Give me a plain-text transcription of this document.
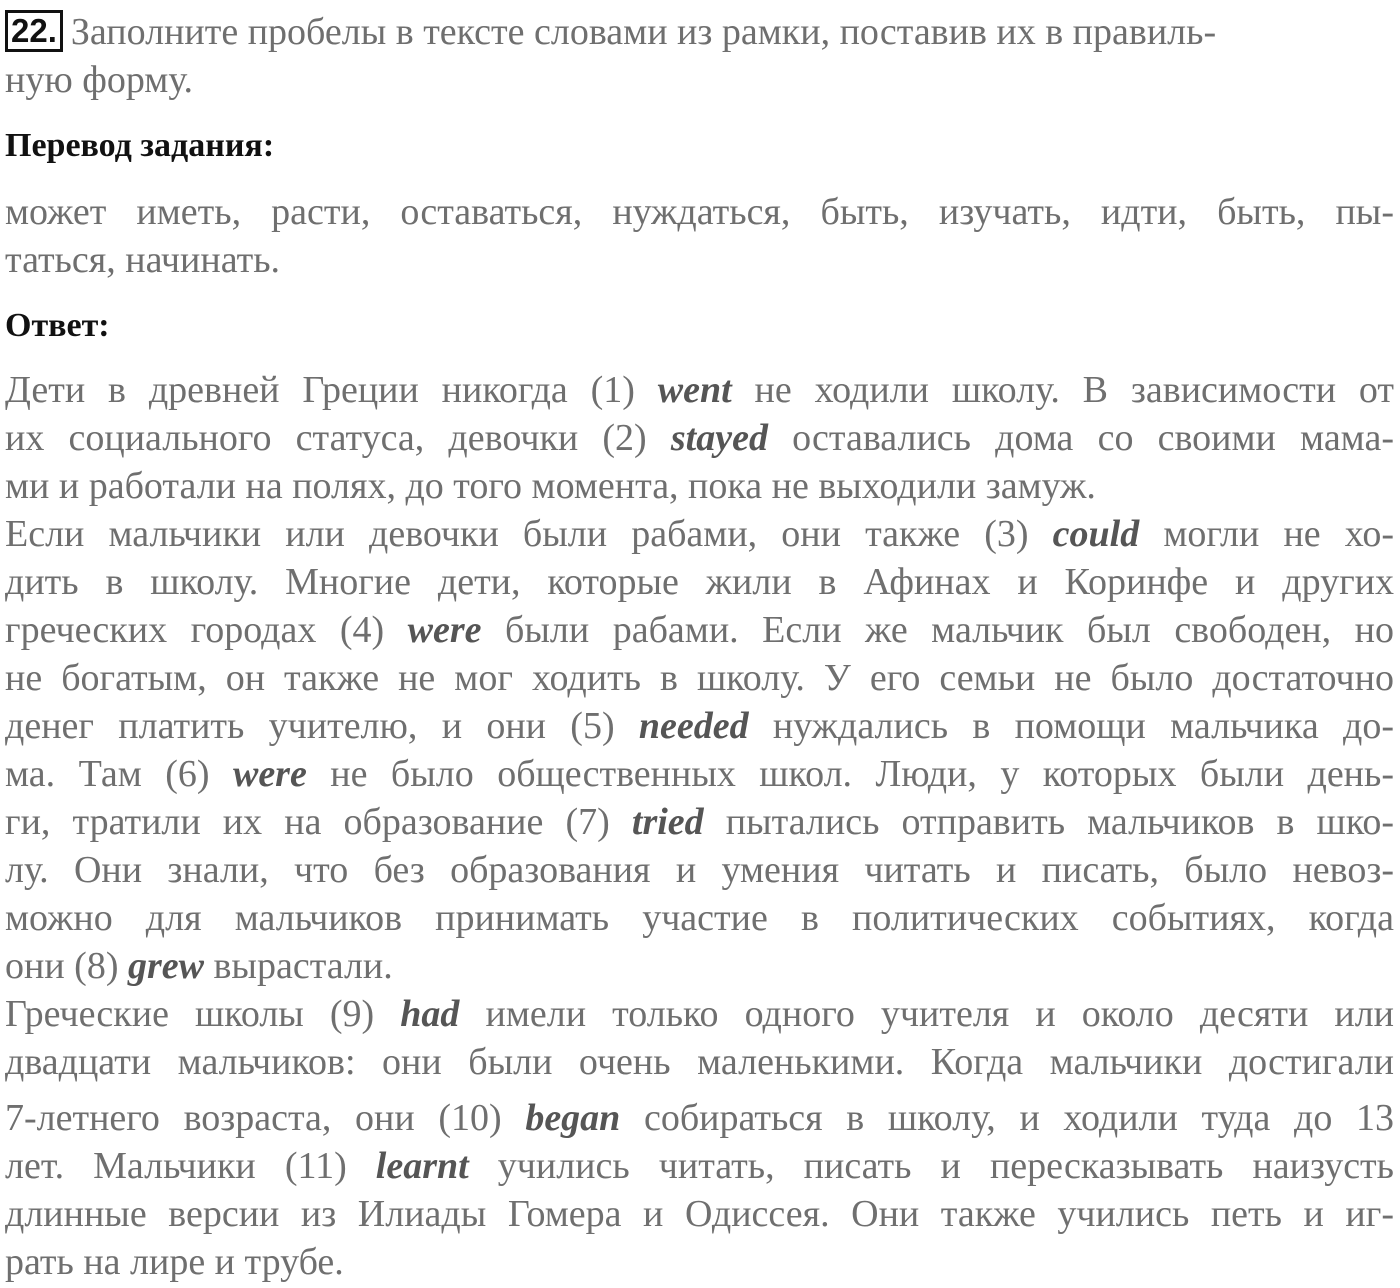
22. Заполните пробелы в тексте словами из рамки, поставив их в правиль-
ную форму.
Перевод задания:
может иметь, расти, оставаться, нуждаться, быть, изучать, идти, быть, пы-
таться, начинать.
Ответ:
Дети в древней Греции никогда (1) went не ходили школу. В зависимости от
их социального статуса, девочки (2) stayed оставались дома со своими мама-
ми и работали на полях, до того момента, пока не выходили замуж.
Если мальчики или девочки были рабами, они также (3) could могли не хо-
дить в школу. Многие дети, которые жили в Афинах и Коринфе и других
греческих городах (4) were были рабами. Если же мальчик был свободен, но
не богатым, он также не мог ходить в школу. У его семьи не было достаточно
денег платить учителю, и они (5) needed нуждались в помощи мальчика до-
ма. Там (6) were не было общественных школ. Люди, у которых были день-
ги, тратили их на образование (7) tried пытались отправить мальчиков в шко-
лу. Они знали, что без образования и умения читать и писать, было невоз-
можно для мальчиков принимать участие в политических событиях, когда
они (8) grew вырастали.
Греческие школы (9) had имели только одного учителя и около десяти или
двадцати мальчиков: они были очень маленькими. Когда мальчики достигали
7-летнего возраста, они (10) began собираться в школу, и ходили туда до 13
лет. Мальчики (11) learnt учились читать, писать и пересказывать наизусть
длинные версии из Илиады Гомера и Одиссея. Они также учились петь и иг-
рать на лире и трубе.
